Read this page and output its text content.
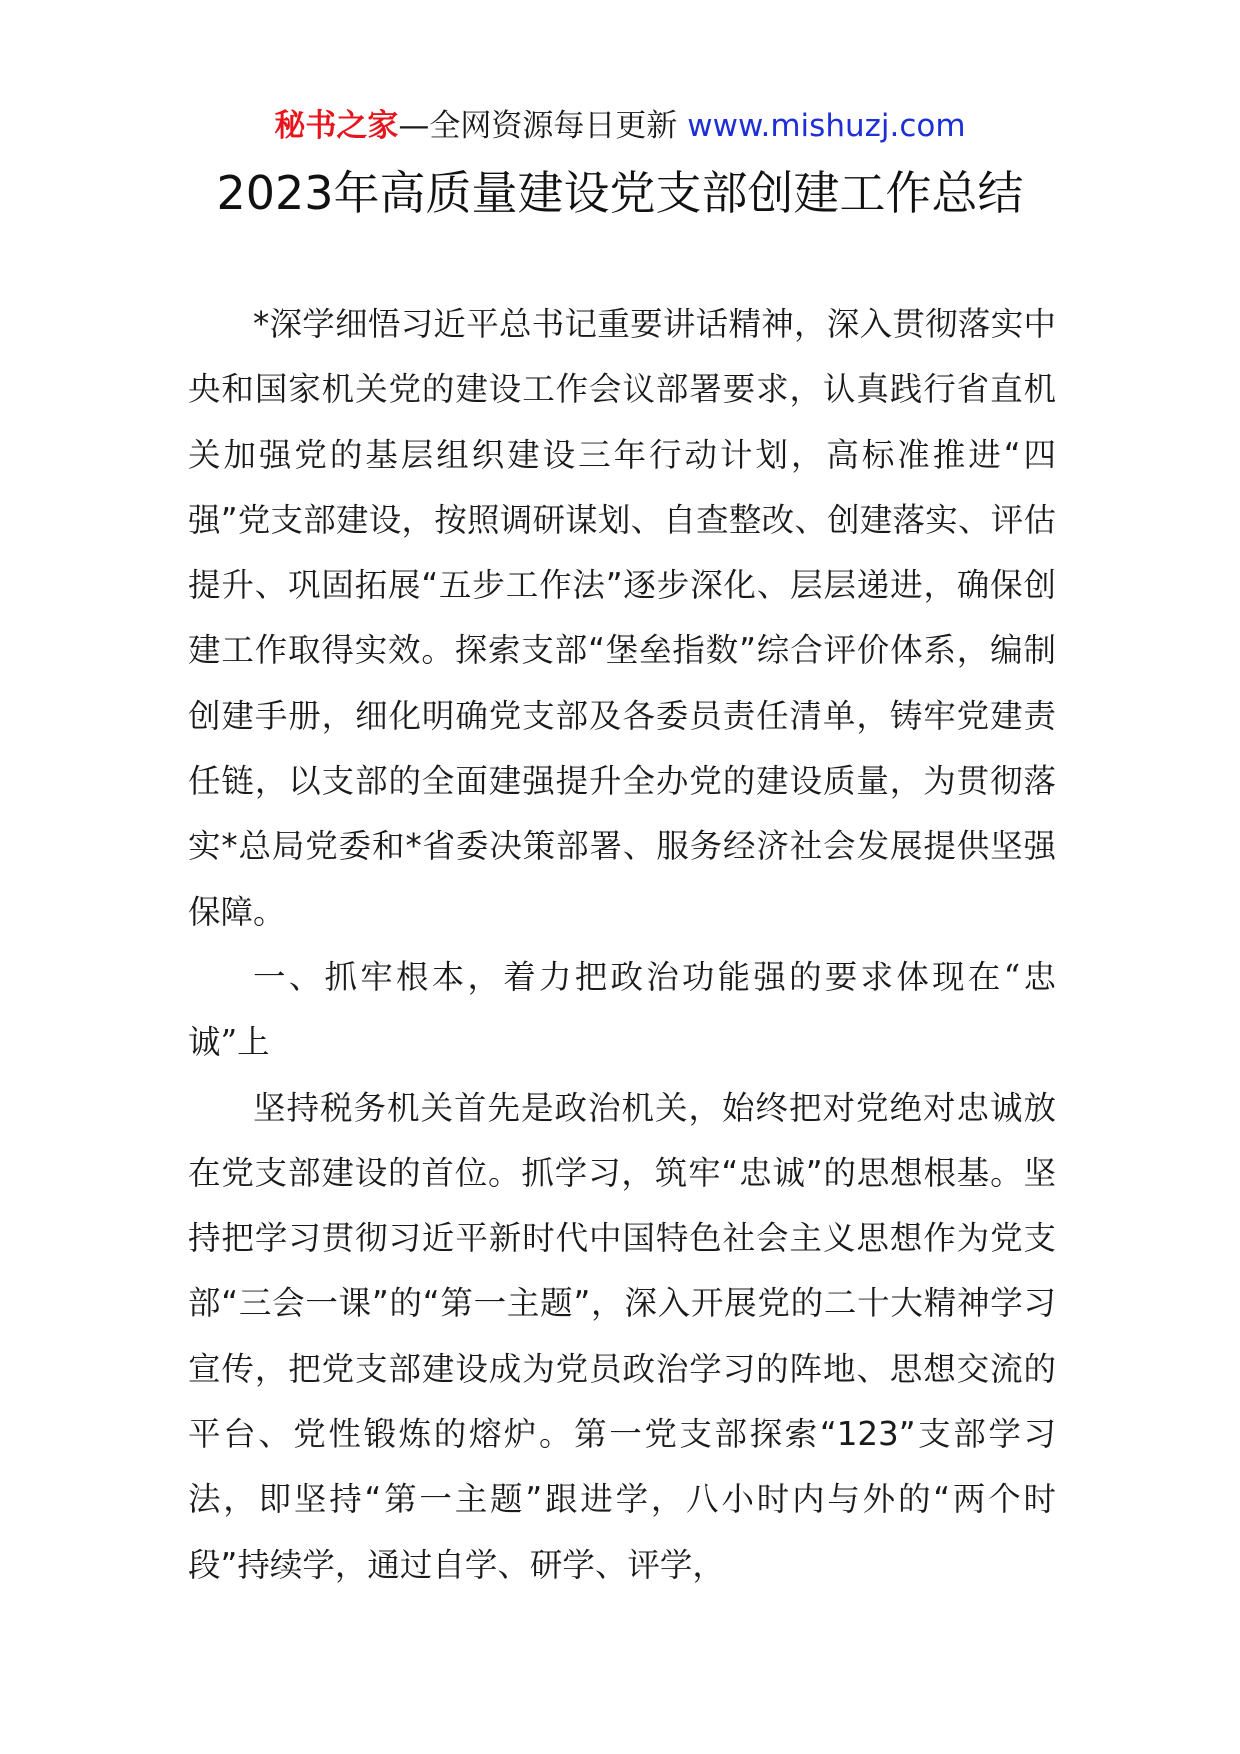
秘书之家—全网资源每日更新 www.mishuzj.com
2023年高质量建设党支部创建工作总结

*深学细悟习近平总书记重要讲话精神，深入贯彻落实中央和国家机关党的建设工作会议部署要求，认真践行省直机关加强党的基层组织建设三年行动计划，高标准推进“四强”党支部建设，按照调研谋划、自查整改、创建落实、评估提升、巩固拓展“五步工作法”逐步深化、层层递进，确保创建工作取得实效。探索支部“堡垒指数”综合评价体系，编制创建手册，细化明确党支部及各委员责任清单，铸牢党建责任链，以支部的全面建强提升全办党的建设质量，为贯彻落实*总局党委和*省委决策部署、服务经济社会发展提供坚强保障。

一、抓牢根本，着力把政治功能强的要求体现在“忠诚”上

坚持税务机关首先是政治机关，始终把对党绝对忠诚放在党支部建设的首位。抓学习，筑牢“忠诚”的思想根基。坚持把学习贯彻习近平新时代中国特色社会主义思想作为党支部“三会一课”的“第一主题”，深入开展党的二十大精神学习宣传，把党支部建设成为党员政治学习的阵地、思想交流的平台、党性锻炼的熔炉。第一党支部探索“123”支部学习法，即坚持“第一主题”跟进学，八小时内与外的“两个时段”持续学，通过自学、研学、评学，
